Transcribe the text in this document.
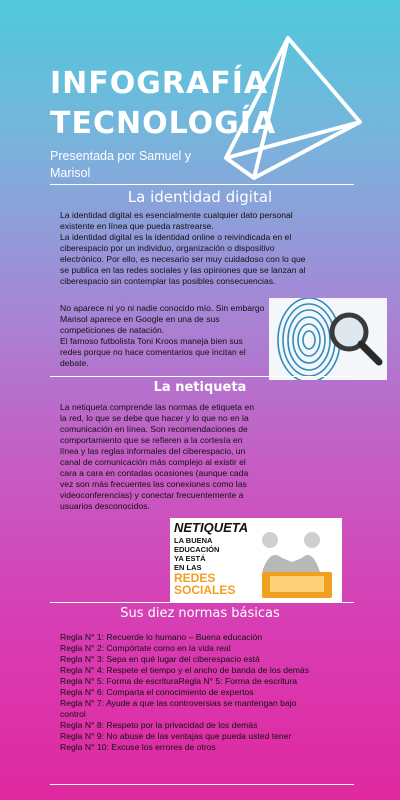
INFOGRAFÍA
TECNOLOGÍA
Presentada por Samuel y Marisol
La identidad digital

La identidad digital es esencialmente cualquier dato personal existente en línea que pueda rastrearse.

La identidad digital es la identidad online o reivindicada en el ciberespacio por un individuo, organización o dispositivo electrónico. Por ello, es necesario ser muy cuidadoso con lo que se publica en las redes sociales y las opiniones que se lanzan al ciberespacio sin contemplar las posibles consecuencias.

No aparece ni yo ni nadie conocido mío. Sin embargo Marisol aparece en Google en una de sus competiciones de natación.

El famoso futbolista Toni Kroos maneja bien sus redes porque no hace comentarios que incitan el debate.

La netiqueta

La netiqueta comprende las normas de etiqueta en la red, lo que se debe que hacer y lo que no en la comunicación en línea. Son recomendaciones de comportamiento que se refieren a la cortesía en línea y las reglas informales del ciberespacio, un canal de comunicación más complejo al existir el cara a cara en contadas ocasiones (aunque cada vez son más frecuentes las conexiones como las videoconferencias) y conectar frecuentemente a usuarios desconocidos.

NETIQUETA
LA BUENA
EDUCACIÓN
YA ESTÁ
EN LAS
REDES
SOCIALES
Sus diez normas básicas
Regla N° 1: Recuerde lo humano – Buena educación
Regla N° 2: Compórtate como en la vida real
Regla N° 3: Sepa en qué lugar del ciberespacio está
Regla N° 4: Respete el tiempo y el ancho de banda de los demás
Regla N° 5: Forma de escrituraRegla N° 5: Forma de escritura
Regla N° 6: Comparta el conocimiento de expertos
Regla N° 7: Ayude a que las controversias se mantengan bajo control
Regla N° 8: Respeto por la privacidad de los demás
Regla N° 9: No abuse de las ventajas que pueda usted tener
Regla N° 10: Excuse los errores de otros
